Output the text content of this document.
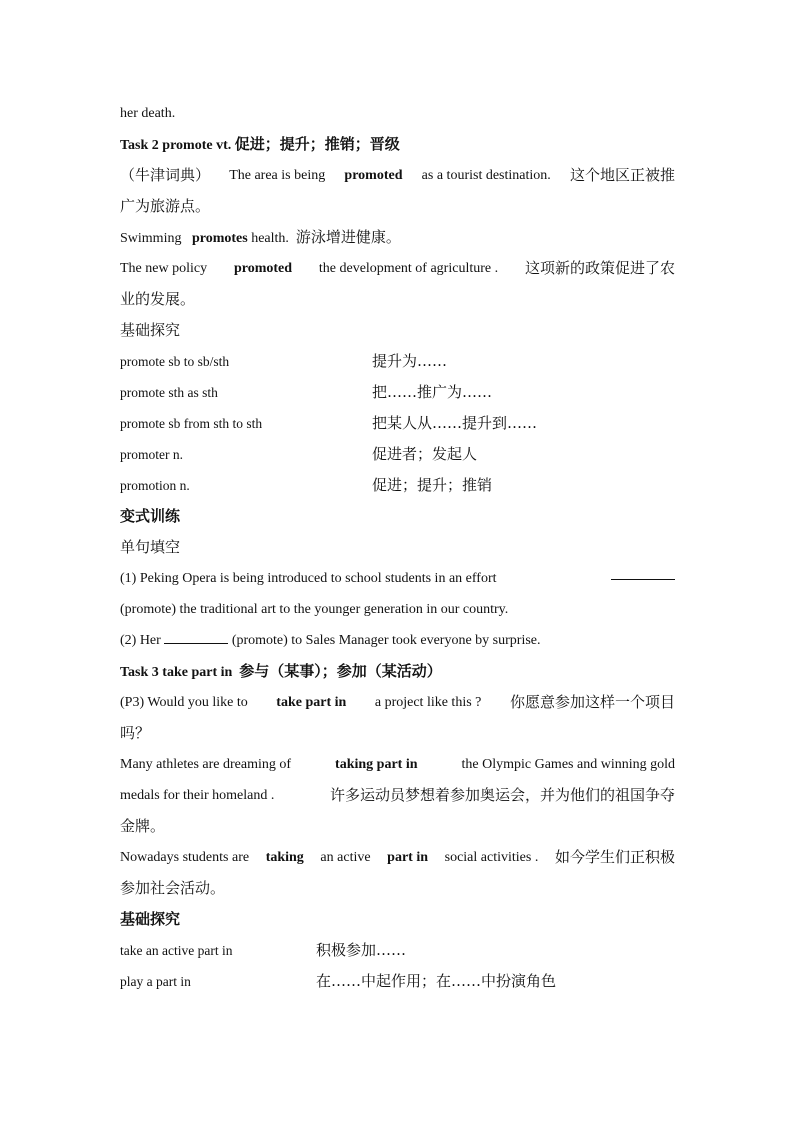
her death.
Task 2 promote vt. 促进；提升；推销；晋级
（牛津词典） The area is being promoted as a tourist destination. 这个地区正被推
广为旅游点。
Swimming promotes health. 游泳增进健康。
The new policy promoted the development of agriculture . 这项新的政策促进了农
业的发展。
基础探究
promote sb to sb/sth	提升为……
promote sth as sth	把……推广为……
promote sb from sth to sth	把某人从……提升到……
promoter n.	促进者；发起人
promotion n.	促进；提升；推销
变式训练
单句填空
(1) Peking Opera is being introduced to school students in an effort
(promote) the traditional art to the younger generation in our country.
(2) Her	(promote) to Sales Manager took everyone by surprise.
Task 3 take part in 参与（某事）；参加（某活动）
(P3) Would you like to take part in a project like this ? 你愿意参加这样一个项目
吗？
Many athletes are dreaming of	taking part in	the Olympic Games and winning gold
medals for their homeland .	许多运动员梦想着参加奥运会，并为他们的祖国争夺
金牌。
Nowadays students are taking an active part in social activities . 如今学生们正积极
参加社会活动。
基础探究
take an active part in	积极参加……
play a part in	在……中起作用；在……中扮演角色
